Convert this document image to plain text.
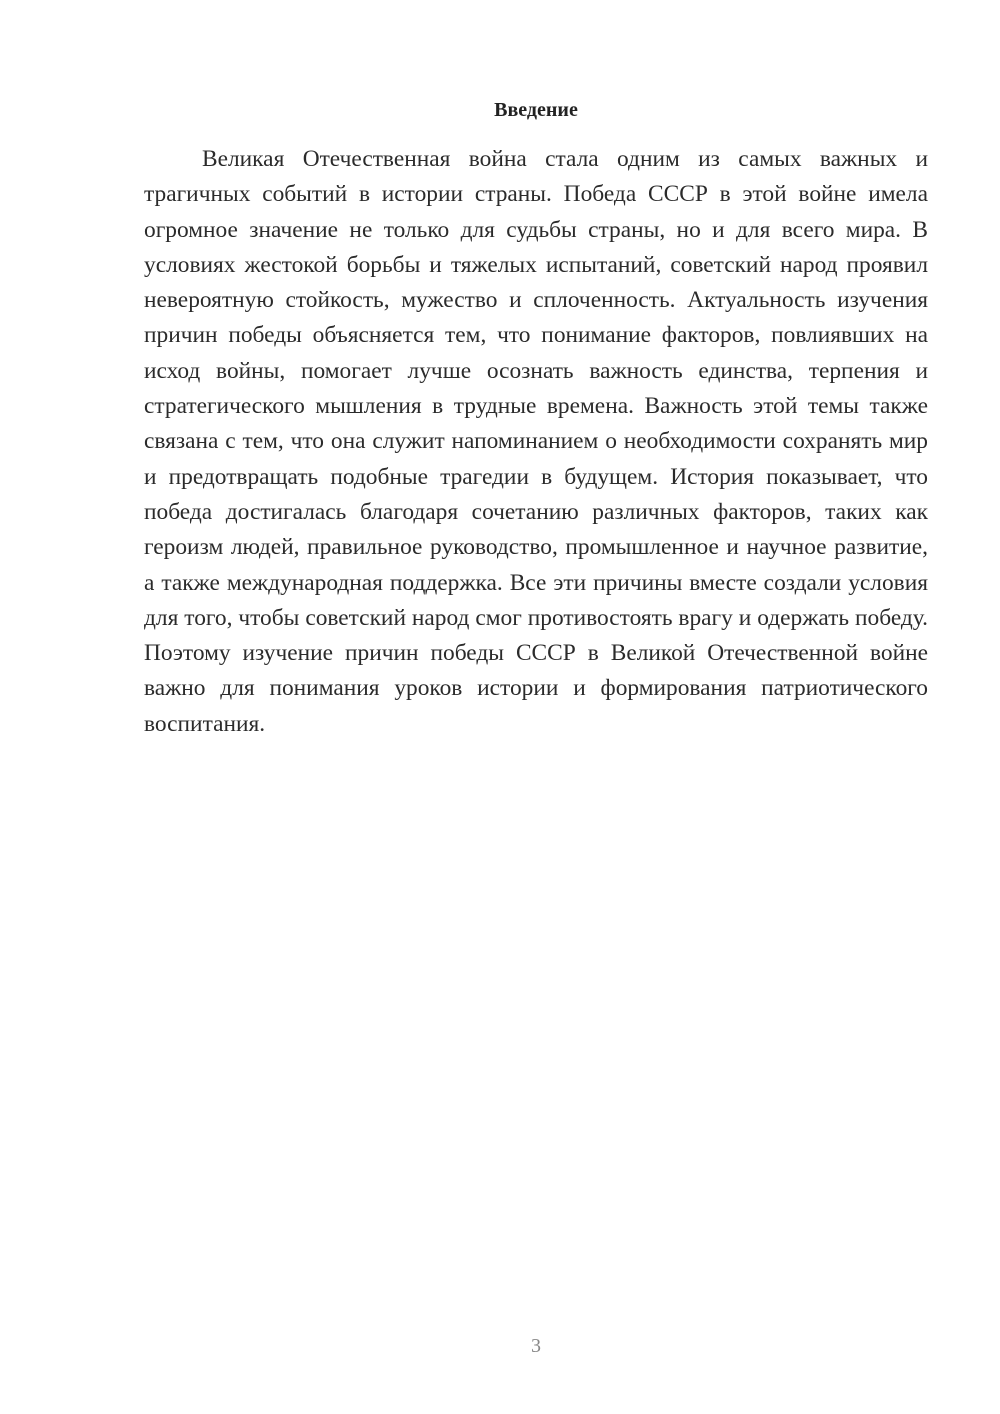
Введение

Великая Отечественная война стала одним из самых важных и трагичных событий в истории страны. Победа СССР в этой войне имела огромное значение не только для судьбы страны, но и для всего мира. В условиях жестокой борьбы и тяжелых испытаний, советский народ проявил невероятную стойкость, мужество и сплоченность. Актуальность изучения причин победы объясняется тем, что понимание факторов, повлиявших на исход войны, помогает лучше осознать важность единства, терпения и стратегического мышления в трудные времена. Важность этой темы также связана с тем, что она служит напоминанием о необходимости сохранять мир и предотвращать подобные трагедии в будущем. История показывает, что победа достигалась благодаря сочетанию различных факторов, таких как героизм людей, правильное руководство, промышленное и научное развитие, а также международная поддержка. Все эти причины вместе создали условия для того, чтобы советский народ смог противостоять врагу и одержать победу. Поэтому изучение причин победы СССР в Великой Отечественной войне важно для понимания уроков истории и формирования патриотического воспитания.

3
